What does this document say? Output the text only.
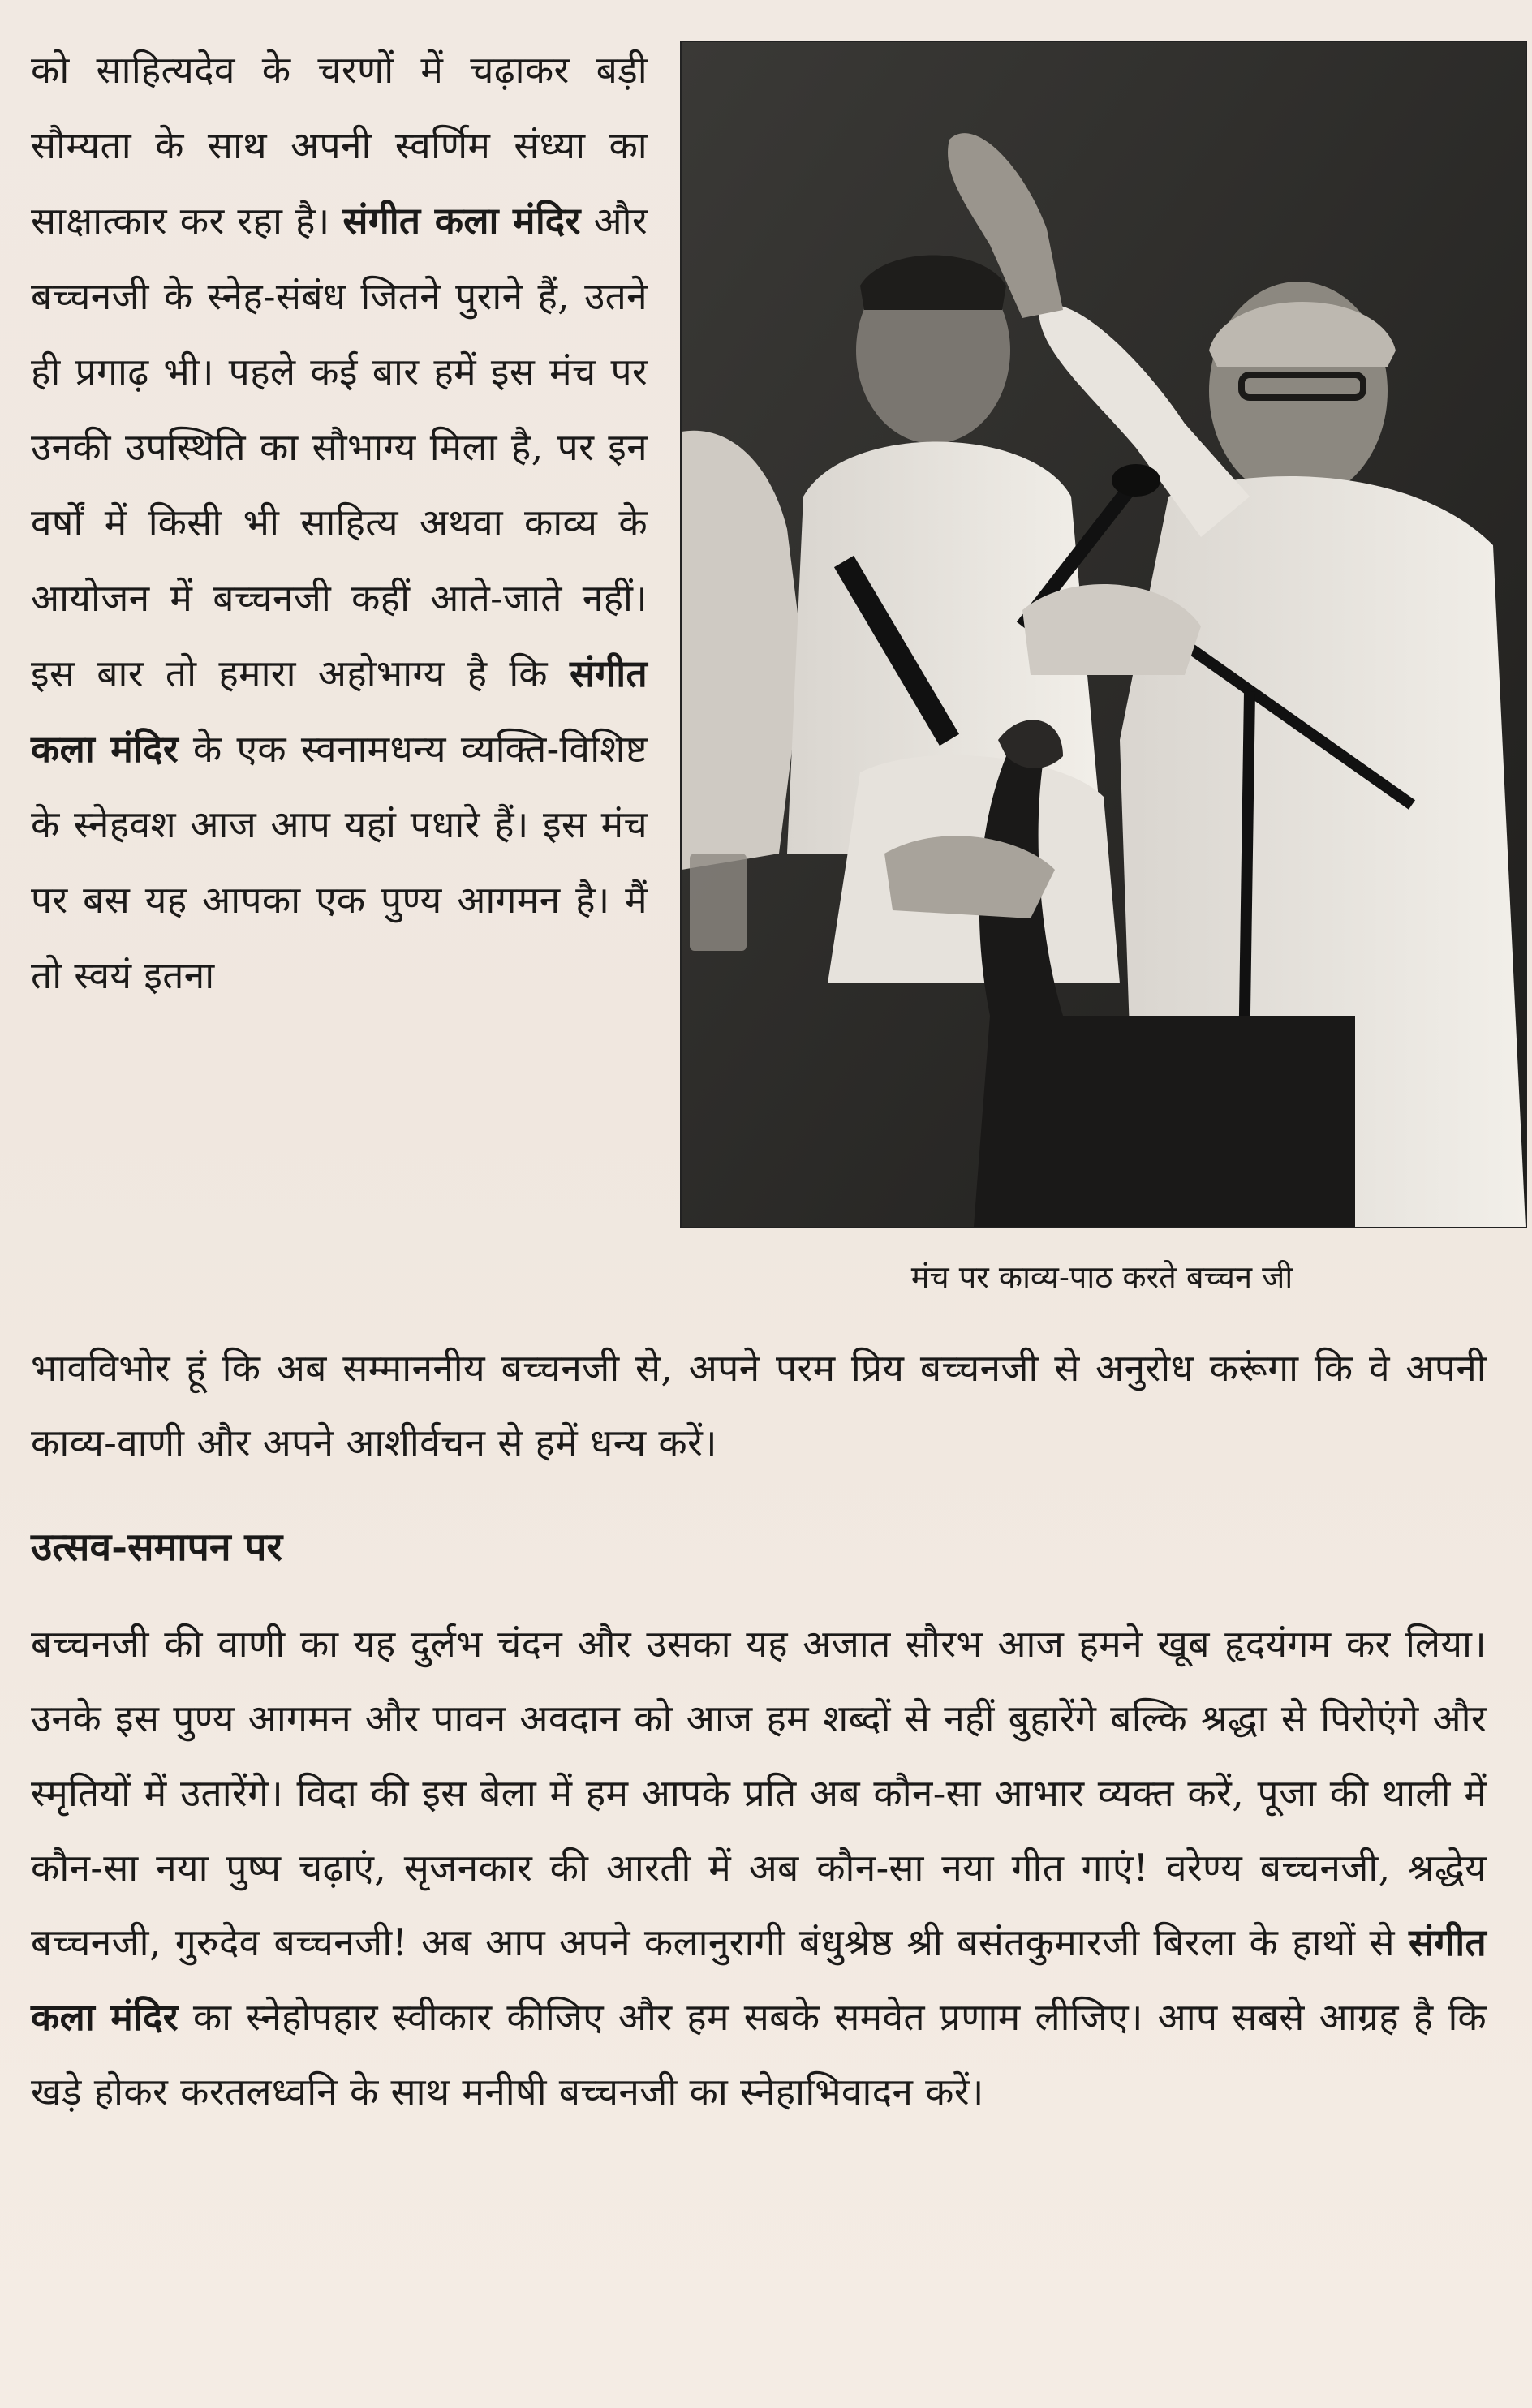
को साहित्यदेव के चरणों में चढ़ाकर बड़ी सौम्यता के साथ अपनी स्वर्णिम संध्या का साक्षात्कार कर रहा है। संगीत कला मंदिर और बच्चनजी के स्नेह-संबंध जितने पुराने हैं, उतने ही प्रगाढ़ भी। पहले कई बार हमें इस मंच पर उनकी उपस्थिति का सौभाग्य मिला है, पर इन वर्षों में किसी भी साहित्य अथवा काव्य के आयोजन में बच्चनजी कहीं आते-जाते नहीं। इस बार तो हमारा अहोभाग्य है कि संगीत कला मंदिर के एक स्वनामधन्य व्यक्ति-विशिष्ट के स्नेहवश आज आप यहां पधारे हैं। इस मंच पर बस यह आपका एक पुण्य आगमन है। मैं तो स्वयं इतना
मंच पर काव्य-पाठ करते बच्चन जी

भावविभोर हूं कि अब सम्माननीय बच्चनजी से, अपने परम प्रिय बच्चनजी से अनुरोध करूंगा कि वे अपनी काव्य-वाणी और अपने आशीर्वचन से हमें धन्य करें।

उत्सव-समापन पर

बच्चनजी की वाणी का यह दुर्लभ चंदन और उसका यह अजात सौरभ आज हमने खूब हृदयंगम कर लिया। उनके इस पुण्य आगमन और पावन अवदान को आज हम शब्दों से नहीं बुहारेंगे बल्कि श्रद्धा से पिरोएंगे और स्मृतियों में उतारेंगे। विदा की इस बेला में हम आपके प्रति अब कौन-सा आभार व्यक्त करें, पूजा की थाली में कौन-सा नया पुष्प चढ़ाएं, सृजनकार की आरती में अब कौन-सा नया गीत गाएं! वरेण्य बच्चनजी, श्रद्धेय बच्चनजी, गुरुदेव बच्चनजी! अब आप अपने कलानुरागी बंधुश्रेष्ठ श्री बसंतकुमारजी बिरला के हाथों से संगीत कला मंदिर का स्नेहोपहार स्वीकार कीजिए और हम सबके समवेत प्रणाम लीजिए। आप सबसे आग्रह है कि खड़े होकर करतलध्वनि के साथ मनीषी बच्चनजी का स्नेहाभिवादन करें।
